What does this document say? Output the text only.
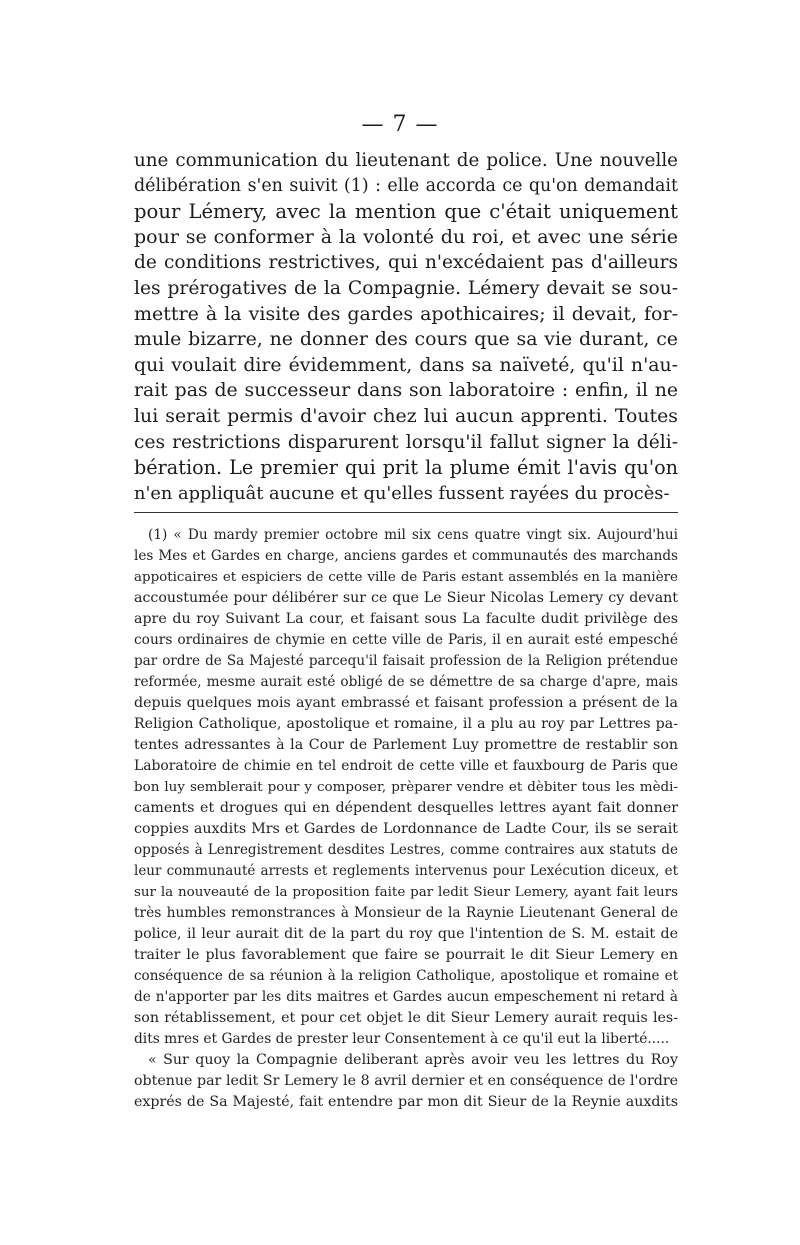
— 7 —

une communication du lieutenant de police. Une nouvelle
délibération s'en suivit (1) : elle accorda ce qu'on demandait
pour Lémery, avec la mention que c'était uniquement
pour se conformer à la volonté du roi, et avec une série
de conditions restrictives, qui n'excédaient pas d'ailleurs
les prérogatives de la Compagnie. Lémery devait se sou-
mettre à la visite des gardes apothicaires; il devait, for-
mule bizarre, ne donner des cours que sa vie durant, ce
qui voulait dire évidemment, dans sa naïveté, qu'il n'au-
rait pas de successeur dans son laboratoire : enfin, il ne
lui serait permis d'avoir chez lui aucun apprenti. Toutes
ces restrictions disparurent lorsqu'il fallut signer la déli-
bération. Le premier qui prit la plume émit l'avis qu'on
n'en appliquât aucune et qu'elles fussent rayées du procès-

(1) « Du mardy premier octobre mil six cens quatre vingt six. Aujourd'hui
les Mes et Gardes en charge, anciens gardes et communautés des marchands
appoticaires et espiciers de cette ville de Paris estant assemblés en la manière
accoustumée pour délibérer sur ce que Le Sieur Nicolas Lemery cy devant
apre du roy Suivant La cour, et faisant sous La faculte dudit privilège des
cours ordinaires de chymie en cette ville de Paris, il en aurait esté empesché
par ordre de Sa Majesté parcequ'il faisait profession de la Religion prétendue
reformée, mesme aurait esté obligé de se démettre de sa charge d'apre, mais
depuis quelques mois ayant embrassé et faisant profession a présent de la
Religion Catholique, apostolique et romaine, il a plu au roy par Lettres pa-
tentes adressantes à la Cour de Parlement Luy promettre de restablir son
Laboratoire de chimie en tel endroit de cette ville et fauxbourg de Paris que
bon luy semblerait pour y composer, prèparer vendre et dèbiter tous les mèdi-
caments et drogues qui en dépendent desquelles lettres ayant fait donner
coppies auxdits Mrs et Gardes de Lordonnance de Ladte Cour, ils se serait
opposés à Lenregistrement desdites Lestres, comme contraires aux statuts de
leur communauté arrests et reglements intervenus pour Lexécution diceux, et
sur la nouveauté de la proposition faite par ledit Sieur Lemery, ayant fait leurs
très humbles remonstrances à Monsieur de la Raynie Lieutenant General de
police, il leur aurait dit de la part du roy que l'intention de S. M. estait de
traiter le plus favorablement que faire se pourrait le dit Sieur Lemery en
conséquence de sa réunion à la religion Catholique, apostolique et romaine et
de n'apporter par les dits maitres et Gardes aucun empeschement ni retard à
son rétablissement, et pour cet objet le dit Sieur Lemery aurait requis les-
dits mres et Gardes de prester leur Consentement à ce qu'il eut la liberté.....
« Sur quoy la Compagnie deliberant après avoir veu les lettres du Roy
obtenue par ledit Sr Lemery le 8 avril dernier et en conséquence de l'ordre
exprés de Sa Majesté, fait entendre par mon dit Sieur de la Reynie auxdits
